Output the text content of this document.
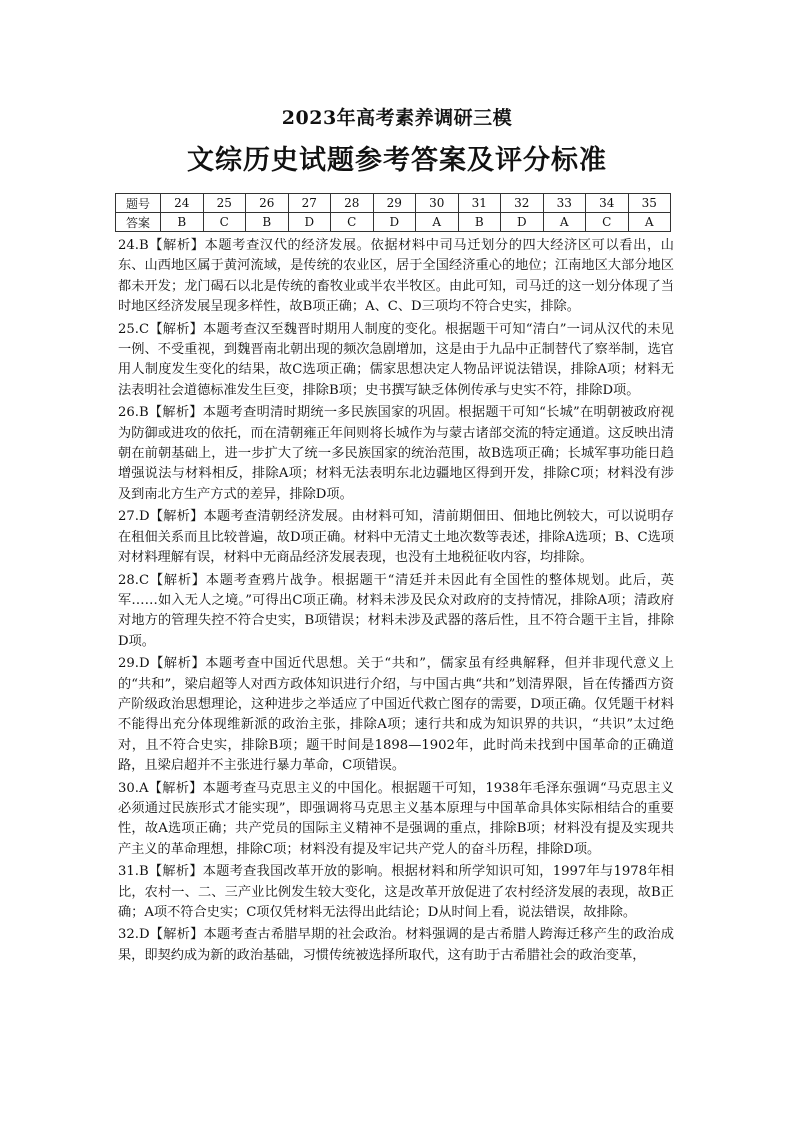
2023年高考素养调研三模
文综历史试题参考答案及评分标准
题号	24	25	26	27	28	29	30	31	32	33	34	35
答案	B	C	B	D	C	D	A	B	D	A	C	A

24.B【解析】本题考查汉代的经济发展。依据材料中司马迁划分的四大经济区可以看出，山东、山西地区属于黄河流域，是传统的农业区，居于全国经济重心的地位；江南地区大部分地区都未开发；龙门碣石以北是传统的畜牧业或半农半牧区。由此可知，司马迁的这一划分体现了当时地区经济发展呈现多样性，故B项正确；A、C、D三项均不符合史实，排除。

25.C【解析】本题考查汉至魏晋时期用人制度的变化。根据题干可知“清白”一词从汉代的未见一例、不受重视，到魏晋南北朝出现的频次急剧增加，这是由于九品中正制替代了察举制，选官用人制度发生变化的结果，故C选项正确；儒家思想决定人物品评说法错误，排除A项；材料无法表明社会道德标准发生巨变，排除B项；史书撰写缺乏体例传承与史实不符，排除D项。

26.B【解析】本题考查明清时期统一多民族国家的巩固。根据题干可知“长城”在明朝被政府视为防御或进攻的依托，而在清朝雍正年间则将长城作为与蒙古诸部交流的特定通道。这反映出清朝在前朝基础上，进一步扩大了统一多民族国家的统治范围，故B选项正确；长城军事功能日趋增强说法与材料相反，排除A项；材料无法表明东北边疆地区得到开发，排除C项；材料没有涉及到南北方生产方式的差异，排除D项。

27.D【解析】本题考查清朝经济发展。由材料可知，清前期佃田、佃地比例较大，可以说明存在租佃关系而且比较普遍，故D项正确。材料中无清丈土地次数等表述，排除A选项；B、C选项对材料理解有误，材料中无商品经济发展表现，也没有土地税征收内容，均排除。

28.C【解析】本题考查鸦片战争。根据题干“清廷并未因此有全国性的整体规划。此后，英军……如入无人之境。”可得出C项正确。材料未涉及民众对政府的支持情况，排除A项；清政府对地方的管理失控不符合史实，B项错误；材料未涉及武器的落后性，且不符合题干主旨，排除D项。

29.D【解析】本题考查中国近代思想。关于“共和”，儒家虽有经典解释，但并非现代意义上的“共和”，梁启超等人对西方政体知识进行介绍，与中国古典“共和”划清界限，旨在传播西方资产阶级政治思想理论，这种进步之举适应了中国近代救亡图存的需要，D项正确。仅凭题干材料不能得出充分体现维新派的政治主张，排除A项；速行共和成为知识界的共识，“共识”太过绝对，且不符合史实，排除B项；题干时间是1898—1902年，此时尚未找到中国革命的正确道路，且梁启超并不主张进行暴力革命，C项错误。

30.A【解析】本题考查马克思主义的中国化。根据题干可知，1938年毛泽东强调“马克思主义必须通过民族形式才能实现”，即强调将马克思主义基本原理与中国革命具体实际相结合的重要性，故A选项正确；共产党员的国际主义精神不是强调的重点，排除B项；材料没有提及实现共产主义的革命理想，排除C项；材料没有提及牢记共产党人的奋斗历程，排除D项。

31.B【解析】本题考查我国改革开放的影响。根据材料和所学知识可知，1997年与1978年相比，农村一、二、三产业比例发生较大变化，这是改革开放促进了农村经济发展的表现，故B正确；A项不符合史实；C项仅凭材料无法得出此结论；D从时间上看，说法错误，故排除。

32.D【解析】本题考查古希腊早期的社会政治。材料强调的是古希腊人跨海迁移产生的政治成果，即契约成为新的政治基础，习惯传统被选择所取代，这有助于古希腊社会的政治变革，
